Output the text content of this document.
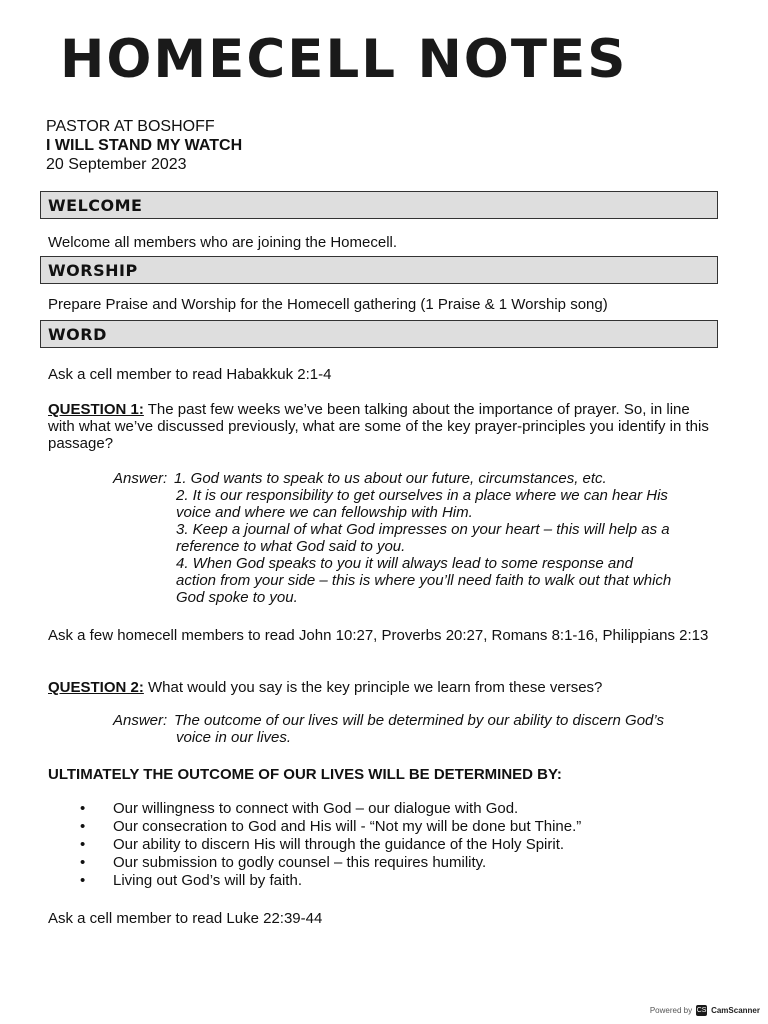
HOMECELL NOTES
PASTOR AT BOSHOFF
I WILL STAND MY WATCH
20 September 2023
WELCOME
Welcome all members who are joining the Homecell.
WORSHIP
Prepare Praise and Worship for the Homecell gathering (1 Praise & 1 Worship song)
WORD
Ask a cell member to read Habakkuk 2:1-4
QUESTION 1: The past few weeks we’ve been talking about the importance of prayer. So, in line with what we’ve discussed previously, what are some of the key prayer-principles you identify in this passage?
Answer: 1. God wants to speak to us about our future, circumstances, etc.
2. It is our responsibility to get ourselves in a place where we can hear His
voice and where we can fellowship with Him.
3. Keep a journal of what God impresses on your heart – this will help as a
reference to what God said to you.
4. When God speaks to you it will always lead to some response and
action from your side – this is where you’ll need faith to walk out that which
God spoke to you.
Ask a few homecell members to read John 10:27, Proverbs 20:27, Romans 8:1-16, Philippians 2:13
QUESTION 2: What would you say is the key principle we learn from these verses?
Answer: The outcome of our lives will be determined by our ability to discern God’s
voice in our lives.
ULTIMATELY THE OUTCOME OF OUR LIVES WILL BE DETERMINED BY:
• Our willingness to connect with God – our dialogue with God.
• Our consecration to God and His will - “Not my will be done but Thine.”
• Our ability to discern His will through the guidance of the Holy Spirit.
• Our submission to godly counsel – this requires humility.
• Living out God’s will by faith.
Ask a cell member to read Luke 22:39-44
Powered by CS CamScanner
